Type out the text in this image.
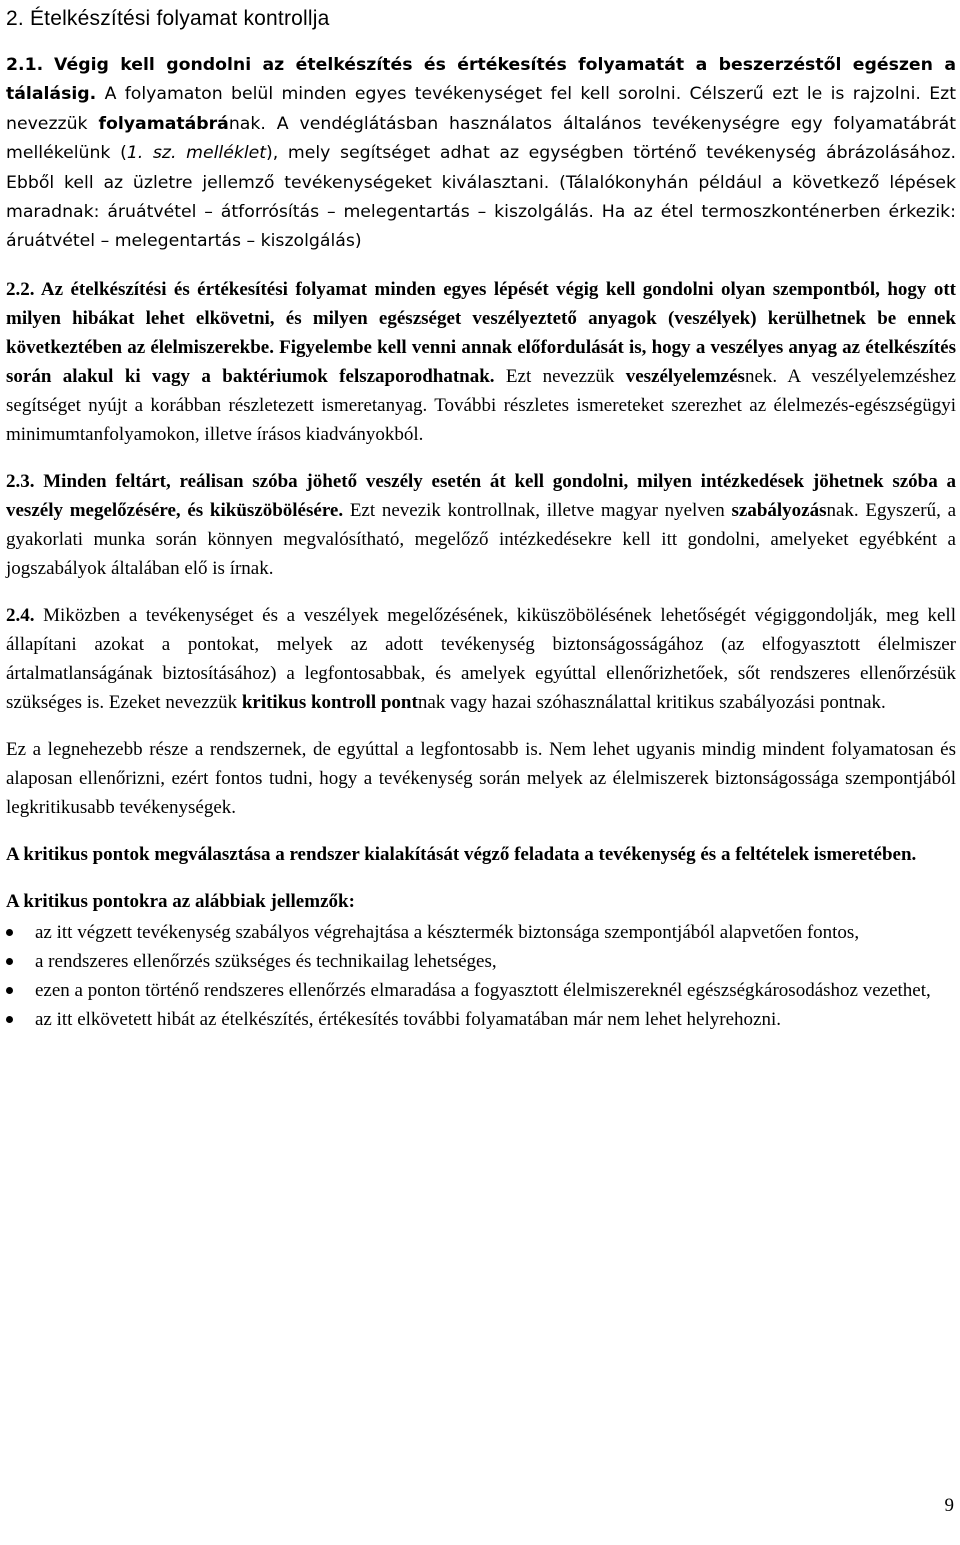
2. Ételkészítési folyamat kontrollja
2.1. Végig kell gondolni az ételkészítés és értékesítés folyamatát a beszerzéstől egészen a tálalásig. A folyamaton belül minden egyes tevékenységet fel kell sorolni. Célszerű ezt le is rajzolni. Ezt nevezzük folyamatábrának. A vendéglátásban használatos általános tevékenységre egy folyamatábrát mellékelünk (1. sz. melléklet), mely segítséget adhat az egységben történő tevékenység ábrázolásához. Ebből kell az üzletre jellemző tevékenységeket kiválasztani. (Tálalókonyhán például a következő lépések maradnak: áruátvétel – átforrósítás – melegentartás – kiszolgálás. Ha az étel termoszkonténerben érkezik: áruátvétel – melegentartás – kiszolgálás)
2.2. Az ételkészítési és értékesítési folyamat minden egyes lépését végig kell gondolni olyan szempontból, hogy ott milyen hibákat lehet elkövetni, és milyen egészséget veszélyeztető anyagok (veszélyek) kerülhetnek be ennek következtében az élelmiszerekbe. Figyelembe kell venni annak előfordulását is, hogy a veszélyes anyag az ételkészítés során alakul ki vagy a baktériumok felszaporodhatnak. Ezt nevezzük veszélyelemzésnek. A veszélyelemzéshez segítséget nyújt a korábban részletezett ismeretanyag. További részletes ismereteket szerezhet az élelmezés-egészségügyi minimumtanfolyamokon, illetve írásos kiadványokból.
2.3. Minden feltárt, reálisan szóba jöhető veszély esetén át kell gondolni, milyen intézkedések jöhetnek szóba a veszély megelőzésére, és kiküszöbölésére. Ezt nevezik kontrollnak, illetve magyar nyelven szabályozásnak. Egyszerű, a gyakorlati munka során könnyen megvalósítható, megelőző intézkedésekre kell itt gondolni, amelyeket egyébként a jogszabályok általában elő is írnak.
2.4. Miközben a tevékenységet és a veszélyek megelőzésének, kiküszöbölésének lehetőségét végiggondolják, meg kell állapítani azokat a pontokat, melyek az adott tevékenység biztonságosságához (az elfogyasztott élelmiszer ártalmatlanságának biztosításához) a legfontosabbak, és amelyek egyúttal ellenőrizhetőek, sőt rendszeres ellenőrzésük szükséges is. Ezeket nevezzük kritikus kontroll pontnak vagy hazai szóhasználattal kritikus szabályozási pontnak.
Ez a legnehezebb része a rendszernek, de egyúttal a legfontosabb is. Nem lehet ugyanis mindig mindent folyamatosan és alaposan ellenőrizni, ezért fontos tudni, hogy a tevékenység során melyek az élelmiszerek biztonságossága szempontjából legkritikusabb tevékenységek.
A kritikus pontok megválasztása a rendszer kialakítását végző feladata a tevékenység és a feltételek ismeretében.
A kritikus pontokra az alábbiak jellemzők:
az itt végzett tevékenység szabályos végrehajtása a késztermék biztonsága szempontjából alapvetően fontos,
a rendszeres ellenőrzés szükséges és technikailag lehetséges,
ezen a ponton történő rendszeres ellenőrzés elmaradása a fogyasztott élelmiszereknél egészségkárosodáshoz vezethet,
az itt elkövetett hibát az ételkészítés, értékesítés további folyamatában már nem lehet helyrehozni.
9
